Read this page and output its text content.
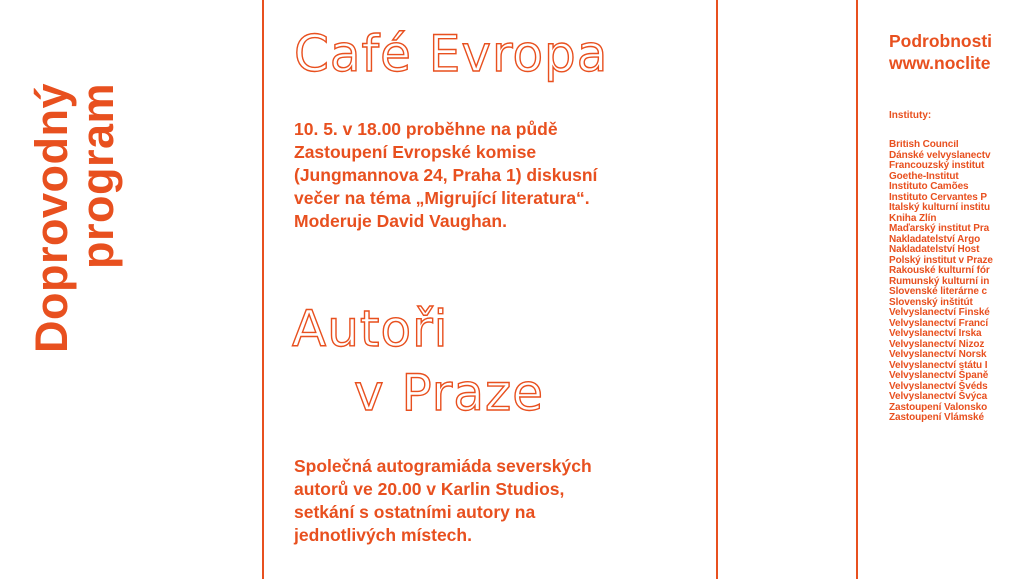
Doprovodný
program
Café Evropa
10. 5. v 18.00 proběhne na půdě
Zastoupení Evropské komise
(Jungmannova 24, Praha 1) diskusní
večer na téma „Migrující literatura“.
Moderuje David Vaughan.
Autoři
v Praze
Společná autogramiáda severských
autorů ve 20.00 v Karlin Studios,
setkání s ostatními autory na
jednotlivých místech.
Podrobnosti
www.noclite
Instituty:
British Council
Dánské velvyslanectv
Francouzský institut
Goethe-Institut
Instituto Camões
Instituto Cervantes P
Italský kulturní institu
Kniha Zlín
Maďarský institut Pra
Nakladatelství Argo
Nakladatelství Host
Polský institut v Praze
Rakouské kulturní fór
Rumunský kulturní in
Slovenské literárne c
Slovenský inštitút
Velvyslanectví Finské
Velvyslanectví Francí
Velvyslanectví Irska
Velvyslanectví Nizoz
Velvyslanectví Norsk
Velvyslanectví státu I
Velvyslanectví Španě
Velvyslanectví Švéds
Velvyslanectví Švýca
Zastoupení Valonsko
Zastoupení Vlámské
